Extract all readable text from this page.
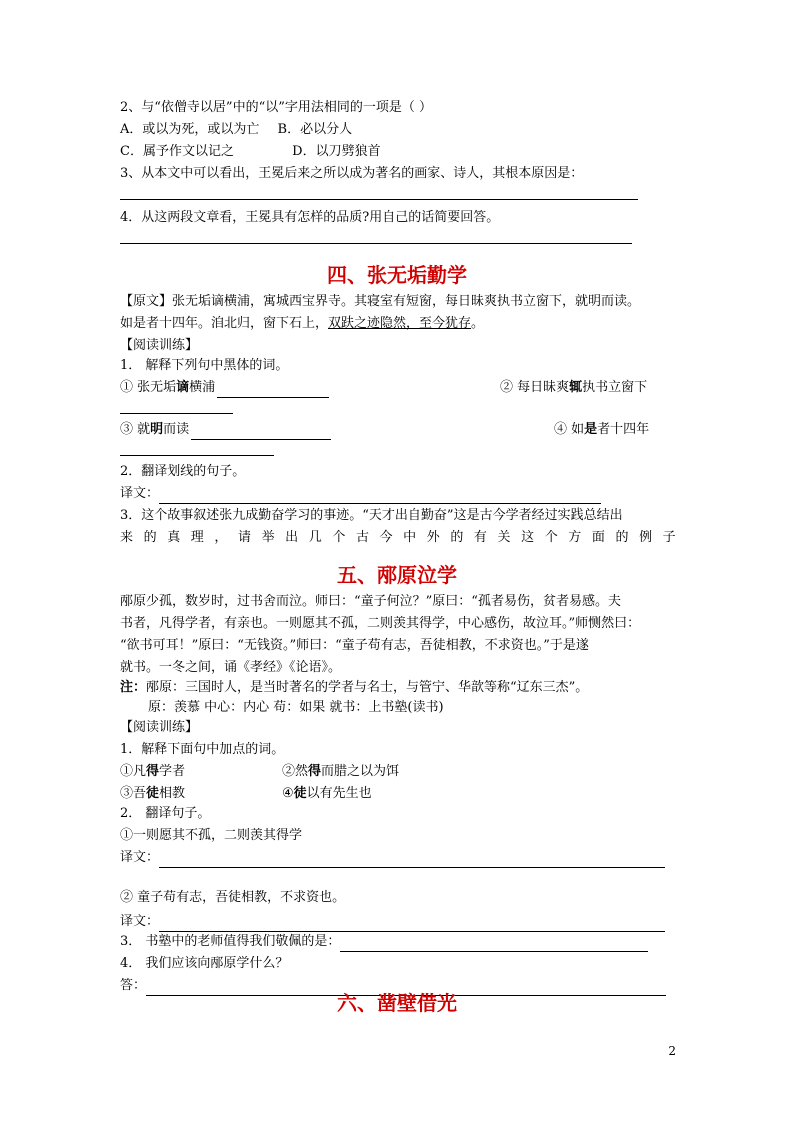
2、与“依僧寺以居”中的“以”字用法相同的一项是（ ）
A．或以为死，或以为亡 B．必以分人
C．属予作文以记之	D．以刀劈狼首
3、从本文中可以看出，王冕后来之所以成为著名的画家、诗人，其根本原因是：
4．从这两段文章看，王冕具有怎样的品质?用自己的话简要回答。
四、张无垢勤学
【原文】张无垢谪横浦，寓城西宝界寺。其寝室有短窗，每日昧爽执书立窗下，就明而读。
如是者十四年。洎北归，窗下石上，双趺之迹隐然，至今犹存。
【阅读训练】
1． 解释下列句中黑体的词。
① 张无垢谪横浦	② 每日昧爽辄执书立窗下
③ 就明而读	④ 如是者十四年
2．翻译划线的句子。
译文：
3．这个故事叙述张九成勤奋学习的事迹。“天才出自勤奋”这是古今学者经过实践总结出
来 的 真 理 ， 请 举 出 几 个 古 今 中 外 的 有 关 这 个 方 面 的 例 子
五、邴原泣学
邴原少孤，数岁时，过书舍而泣。师曰：“童子何泣？”原曰：“孤者易伤，贫者易感。夫
书者，凡得学者，有亲也。一则愿其不孤，二则羡其得学，中心感伤，故泣耳。”师恻然曰：
“欲书可耳！”原曰：“无钱资。”师曰：“童子苟有志，吾徒相教，不求资也。”于是遂
就书。一冬之间，诵《孝经》《论语》。
注：邴原：三国时人，是当时著名的学者与名士，与管宁、华歆等称“辽东三杰”。
原：羡慕 中心：内心 苟：如果 就书：上书塾(读书)
【阅读训练】
1．解释下面句中加点的词。
①凡得学者	②然得而腊之以为饵
③吾徒相教	④徒以有先生也
2． 翻译句子。
①一则愿其不孤，二则羡其得学
译文：
② 童子苟有志，吾徒相教，不求资也。
译文：
3． 书塾中的老师值得我们敬佩的是：
4． 我们应该向邴原学什么？
答：
六、凿壁借光
2
